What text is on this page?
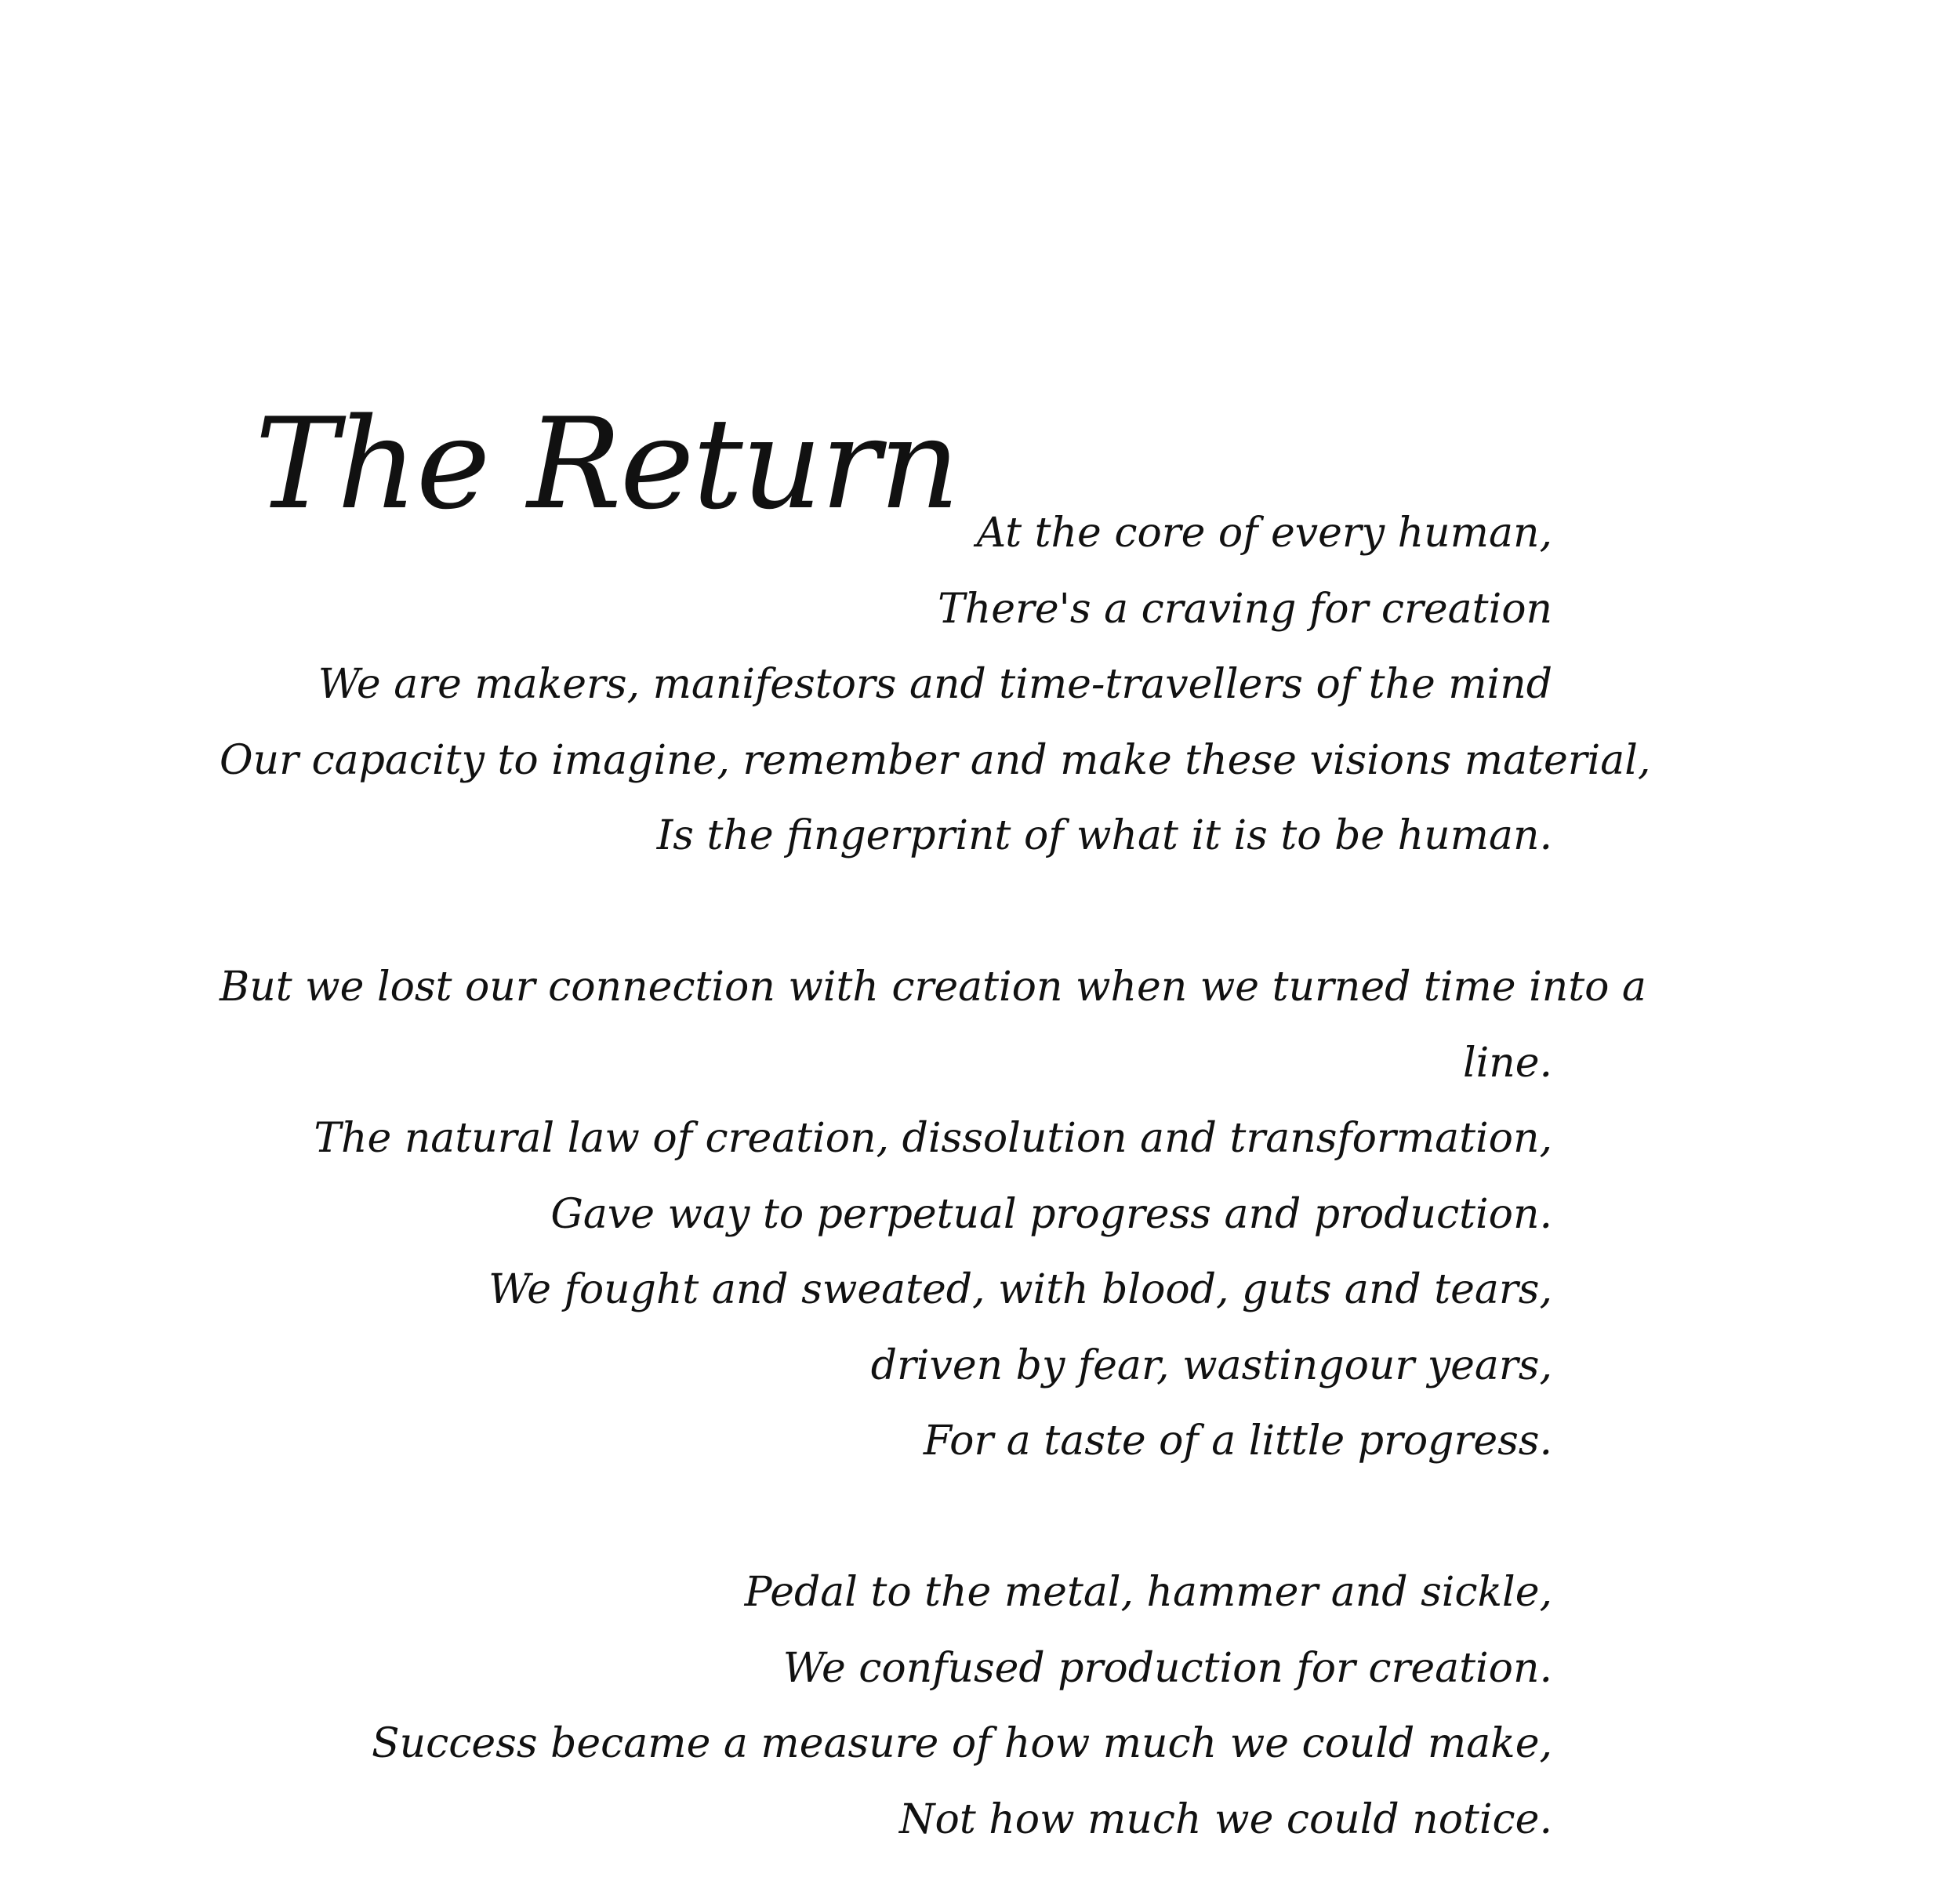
The Return At the core of every human,
There's a craving for creation
We are makers, manifestors and time-travellers of the mind
Our capacity to imagine, remember and make these visions material,
Is the fingerprint of what it is to be human.
But we lost our connection with creation when we turned time into a
line.
The natural law of creation, dissolution and transformation,
Gave way to perpetual progress and production.
We fought and sweated, with blood, guts and tears,
driven by fear, wastingour years,
For a taste of a little progress.
Pedal to the metal, hammer and sickle,
We confused production for creation.
Success became a measure of how much we could make,
Not how much we could notice.
